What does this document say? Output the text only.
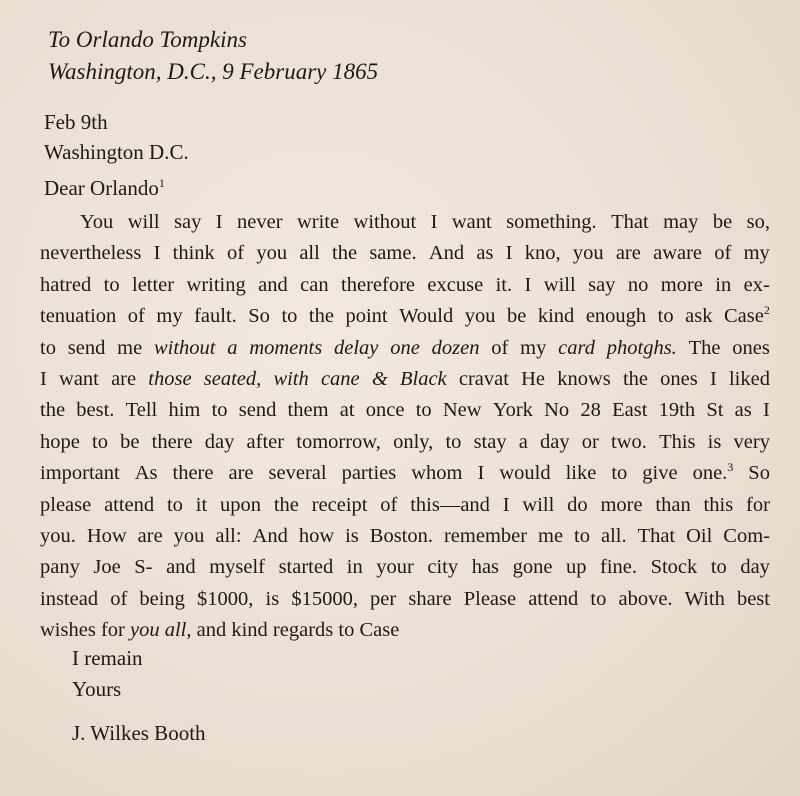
To Orlando Tompkins
Washington, D.C., 9 February 1865
Feb 9th
Washington D.C.
Dear Orlando$^1$
You will say I never write without I want something. That may be so,
nevertheless I think of you all the same. And as I kno, you are aware of my
hatred to letter writing and can therefore excuse it. I will say no more in ex-
tenuation of my fault. So to the point Would you be kind enough to ask Case$^2$
to send me without a moments delay one dozen of my card photghs. The ones
I want are those seated, with cane & Black cravat He knows the ones I liked
the best. Tell him to send them at once to New York No 28 East 19th St as I
hope to be there day after tomorrow, only, to stay a day or two. This is very
important As there are several parties whom I would like to give one.$^3$ So
please attend to it upon the receipt of this—and I will do more than this for
you. How are you all: And how is Boston. remember me to all. That Oil Com-
pany Joe S- and myself started in your city has gone up fine. Stock to day
instead of being $1000, is $15000, per share Please attend to above. With best
wishes for you all, and kind regards to Case
I remain
Yours
J. Wilkes Booth
